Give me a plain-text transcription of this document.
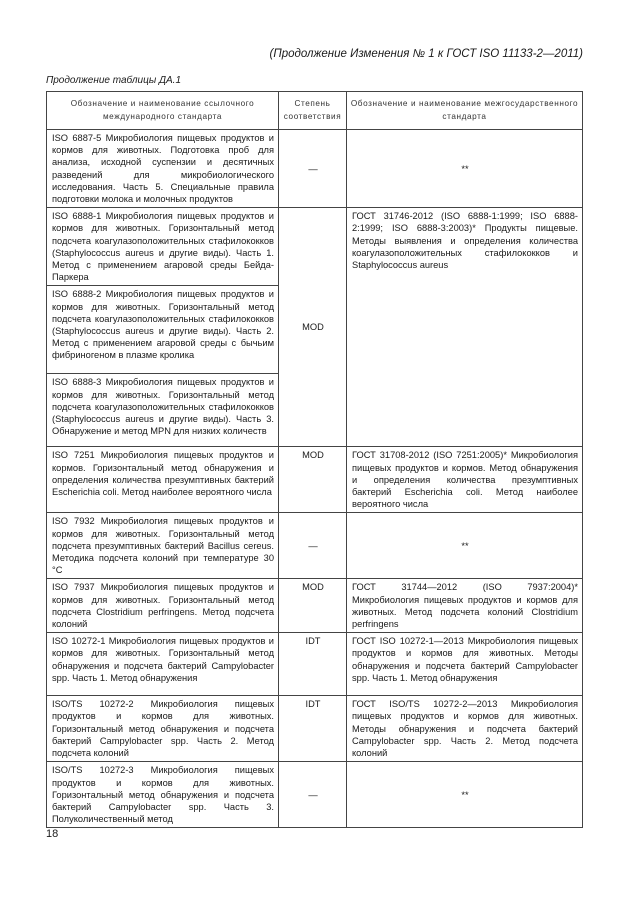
(Продолжение Изменения № 1 к ГОСТ ISO 11133-2—2011)
Продолжение таблицы ДА.1
Обозначение и наименование ссылочного международного стандарта	Степень соответствия	Обозначение и наименование межгосударственного стандарта
ISO 6887-5 Микробиология пищевых продуктов и кормов для животных. Подготовка проб для анализа, исходной суспензии и десятичных разведений для микробиологического исследования. Часть 5. Специальные правила подготовки молока и молочных продуктов	—	**
ISO 6888-1 Микробиология пищевых продуктов и кормов для животных. Горизонтальный метод подсчета коагулазоположительных стафилококков (Staphylococcus aureus и другие виды). Часть 1. Метод с применением агаровой среды Бейда-Паркера	MOD	ГОСТ 31746-2012 (ISO 6888-1:1999; ISO 6888-2:1999; ISO 6888-3:2003)* Продукты пищевые. Методы выявления и определения количества коагулазоположительных стафилококков и Staphylococcus aureus
ISO 6888-2 Микробиология пищевых продуктов и кормов для животных. Горизонтальный метод подсчета коагулазоположительных стафилококков (Staphylococcus aureus и другие виды). Часть 2. Метод с применением агаровой среды с бычьим фибриногеном в плазме кролика		
ISO 6888-3 Микробиология пищевых продуктов и кормов для животных. Горизонтальный метод подсчета коагулазоположительных стафилококков (Staphylococcus aureus и другие виды). Часть 3. Обнаружение и метод MPN для низких количеств		
ISO 7251 Микробиология пищевых продуктов и кормов. Горизонтальный метод обнаружения и определения количества презумптивных бактерий Escherichia coli. Метод наиболее вероятного числа	MOD	ГОСТ 31708-2012 (ISO 7251:2005)* Микробиология пищевых продуктов и кормов. Метод обнаружения и определения количества презумптивных бактерий Escherichia coli. Метод наиболее вероятного числа
ISO 7932 Микробиология пищевых продуктов и кормов для животных. Горизонтальный метод подсчета презумптивных бактерий Bacillus cereus. Методика подсчета колоний при температуре 30 °C	—	**
ISO 7937 Микробиология пищевых продуктов и кормов для животных. Горизонтальный метод подсчета Clostridium perfringens. Метод подсчета колоний	MOD	ГОСТ 31744—2012 (ISO 7937:2004)* Микробиология пищевых продуктов и кормов для животных. Метод подсчета колоний Clostridium perfringens
ISO 10272-1 Микробиология пищевых продуктов и кормов для животных. Горизонтальный метод обнаружения и подсчета бактерий Campylobacter spp. Часть 1. Метод обнаружения	IDT	ГОСТ ISO 10272-1—2013 Микробиология пищевых продуктов и кормов для животных. Методы обнаружения и подсчета бактерий Campylobacter spp. Часть 1. Метод обнаружения
ISO/TS 10272-2 Микробиология пищевых продуктов и кормов для животных. Горизонтальный метод обнаружения и подсчета бактерий Campylobacter spp. Часть 2. Метод подсчета колоний	IDT	ГОСТ ISO/TS 10272-2—2013 Микробиология пищевых продуктов и кормов для животных. Методы обнаружения и подсчета бактерий Campylobacter spp. Часть 2. Метод подсчета колоний
ISO/TS 10272-3 Микробиология пищевых продуктов и кормов для животных. Горизонтальный метод обнаружения и подсчета бактерий Campylobacter spp. Часть 3. Полуколичественный метод	—	**
18
